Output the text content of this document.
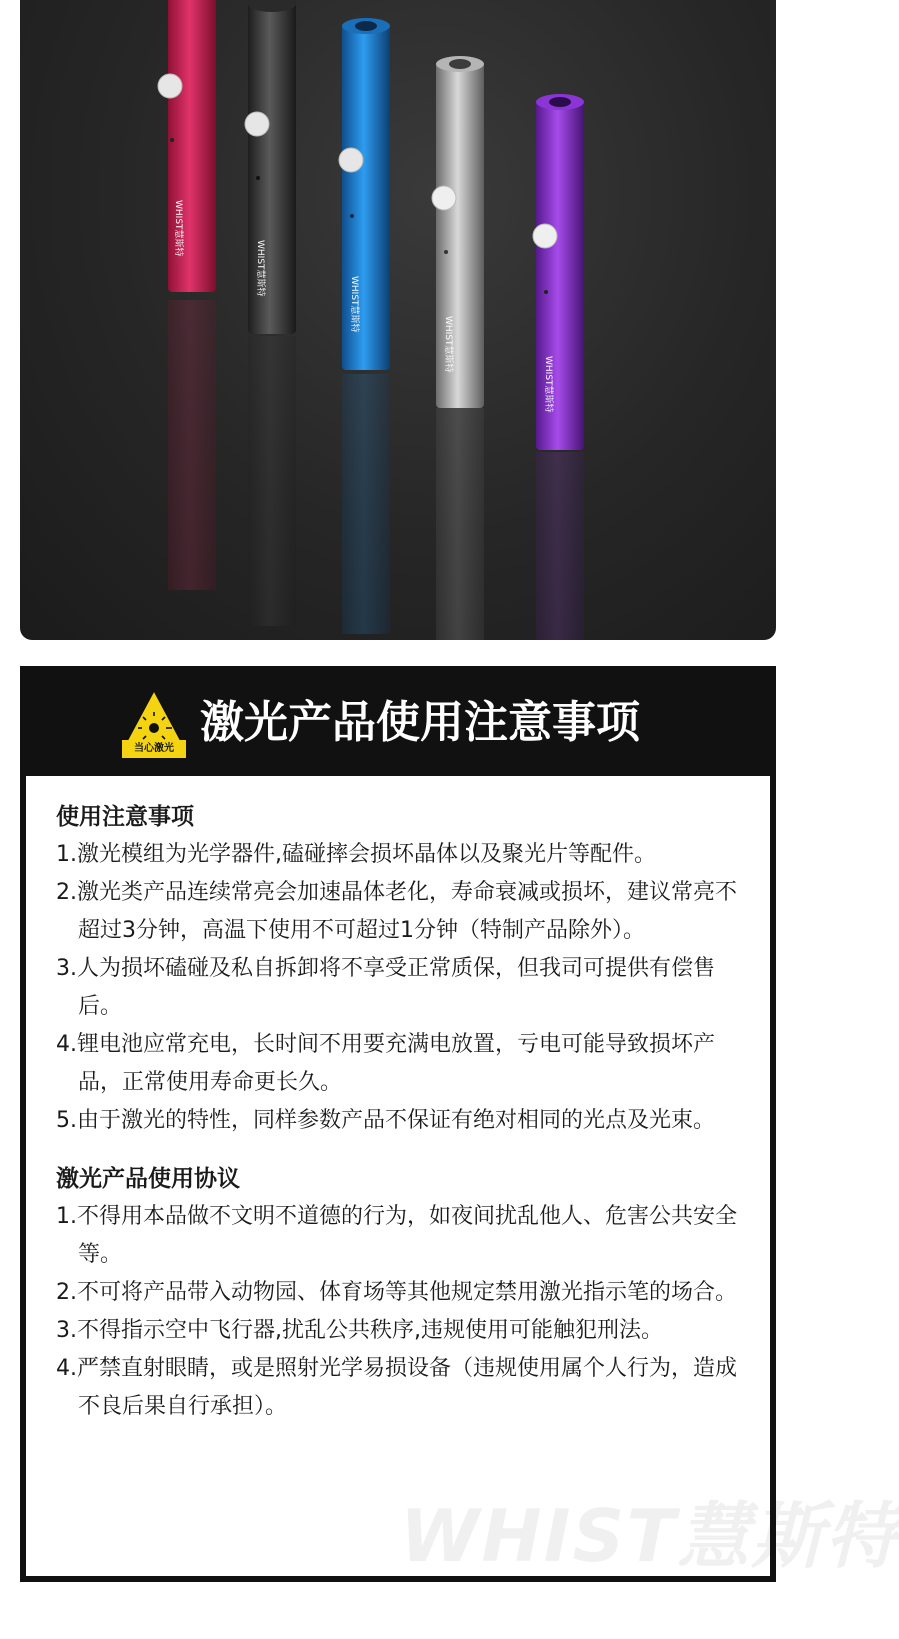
WHIST慧斯特
WHIST慧斯特
WHIST慧斯特
WHIST慧斯特
WHIST慧斯特
当心激光
激光产品使用注意事项
使用注意事项
1.激光模组为光学器件,磕碰摔会损坏晶体以及聚光片等配件。
2.激光类产品连续常亮会加速晶体老化，寿命衰减或损坏，建议常亮不超过3分钟，高温下使用不可超过1分钟（特制产品除外）。
3.人为损坏磕碰及私自拆卸将不享受正常质保，但我司可提供有偿售后。
4.锂电池应常充电，长时间不用要充满电放置，亏电可能导致损坏产品，正常使用寿命更长久。
5.由于激光的特性，同样参数产品不保证有绝对相同的光点及光束。
激光产品使用协议
1.不得用本品做不文明不道德的行为，如夜间扰乱他人、危害公共安全等。
2.不可将产品带入动物园、体育场等其他规定禁用激光指示笔的场合。
3.不得指示空中飞行器,扰乱公共秩序,违规使用可能触犯刑法。
4.严禁直射眼睛，或是照射光学易损设备（违规使用属个人行为，造成不良后果自行承担）。
WHIST慧斯特
